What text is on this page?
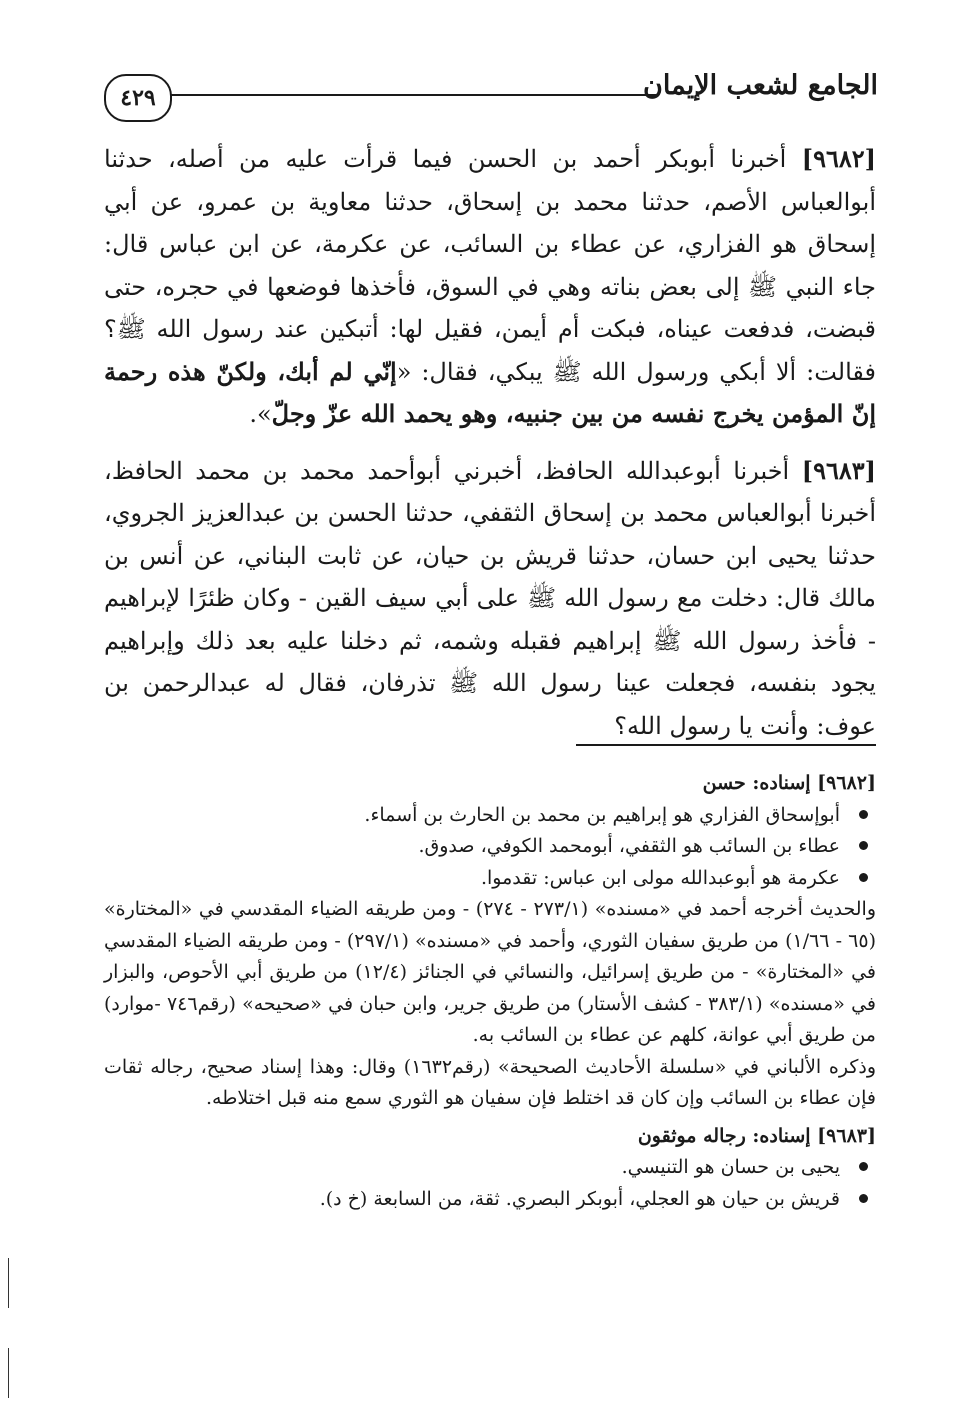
الجامع لشعب الإيمان
٤٢٩

[٩٦٨٢] أخبرنا أبوبكر أحمد بن الحسن فيما قرأت عليه من أصله، حدثنا أبوالعباس الأصم، حدثنا محمد بن إسحاق، حدثنا معاوية بن عمرو، عن أبي إسحاق هو الفزاري، عن عطاء بن السائب، عن عكرمة، عن ابن عباس قال: جاء النبي ﷺ إلى بعض بناته وهي في السوق، فأخذها فوضعها في حجره، حتى قبضت، فدفعت عيناه، فبكت أم أيمن، فقيل لها: أتبكين عند رسول الله ﷺ؟ فقالت: ألا أبكي ورسول الله ﷺ يبكي، فقال: «إنّي لم أبك، ولكنّ هذه رحمة إنّ المؤمن يخرج نفسه من بين جنبيه، وهو يحمد الله عزّ وجلّ».

[٩٦٨٣] أخبرنا أبوعبدالله الحافظ، أخبرني أبوأحمد محمد بن محمد الحافظ، أخبرنا أبوالعباس محمد بن إسحاق الثقفي، حدثنا الحسن بن عبدالعزيز الجروي، حدثنا يحيى ابن حسان، حدثنا قريش بن حيان، عن ثابت البناني، عن أنس بن مالك قال: دخلت مع رسول الله ﷺ على أبي سيف القين - وكان ظئرًا لإبراهيم - فأخذ رسول الله ﷺ إبراهيم فقبله وشمه، ثم دخلنا عليه بعد ذلك وإبراهيم يجود بنفسه، فجعلت عينا رسول الله ﷺ تذرفان، فقال له عبدالرحمن بن عوف: وأنت يا رسول الله؟

[٩٦٨٢] إسناده: حسن

أبوإسحاق الفزاري هو إبراهيم بن محمد بن الحارث بن أسماء.
عطاء بن السائب هو الثقفي، أبومحمد الكوفي، صدوق.
عكرمة هو أبوعبدالله مولى ابن عباس: تقدموا.

والحديث أخرجه أحمد في «مسنده» (٢٧٣/١ - ٢٧٤) - ومن طريقه الضياء المقدسي في «المختارة» (٦٥ - ١/٦٦) من طريق سفيان الثوري، وأحمد في «مسنده» (٢٩٧/١) - ومن طريقه الضياء المقدسي في «المختارة» - من طريق إسرائيل، والنسائي في الجنائز (١٢/٤) من طريق أبي الأحوص، والبزار في «مسنده» (٣٨٣/١ - كشف الأستار) من طريق جرير، وابن حبان في «صحيحه» (رقم٧٤٦ -موارد) من طريق أبي عوانة، كلهم عن عطاء بن السائب به.

وذكره الألباني في «سلسلة الأحاديث الصحيحة» (رقم١٦٣٢) وقال: وهذا إسناد صحيح، رجاله ثقات فإن عطاء بن السائب وإن كان قد اختلط فإن سفيان هو الثوري سمع منه قبل اختلاطه.

[٩٦٨٣] إسناده: رجاله موثقون

يحيى بن حسان هو التنيسي.
قريش بن حيان هو العجلي، أبوبكر البصري. ثقة، من السابعة (خ د).
